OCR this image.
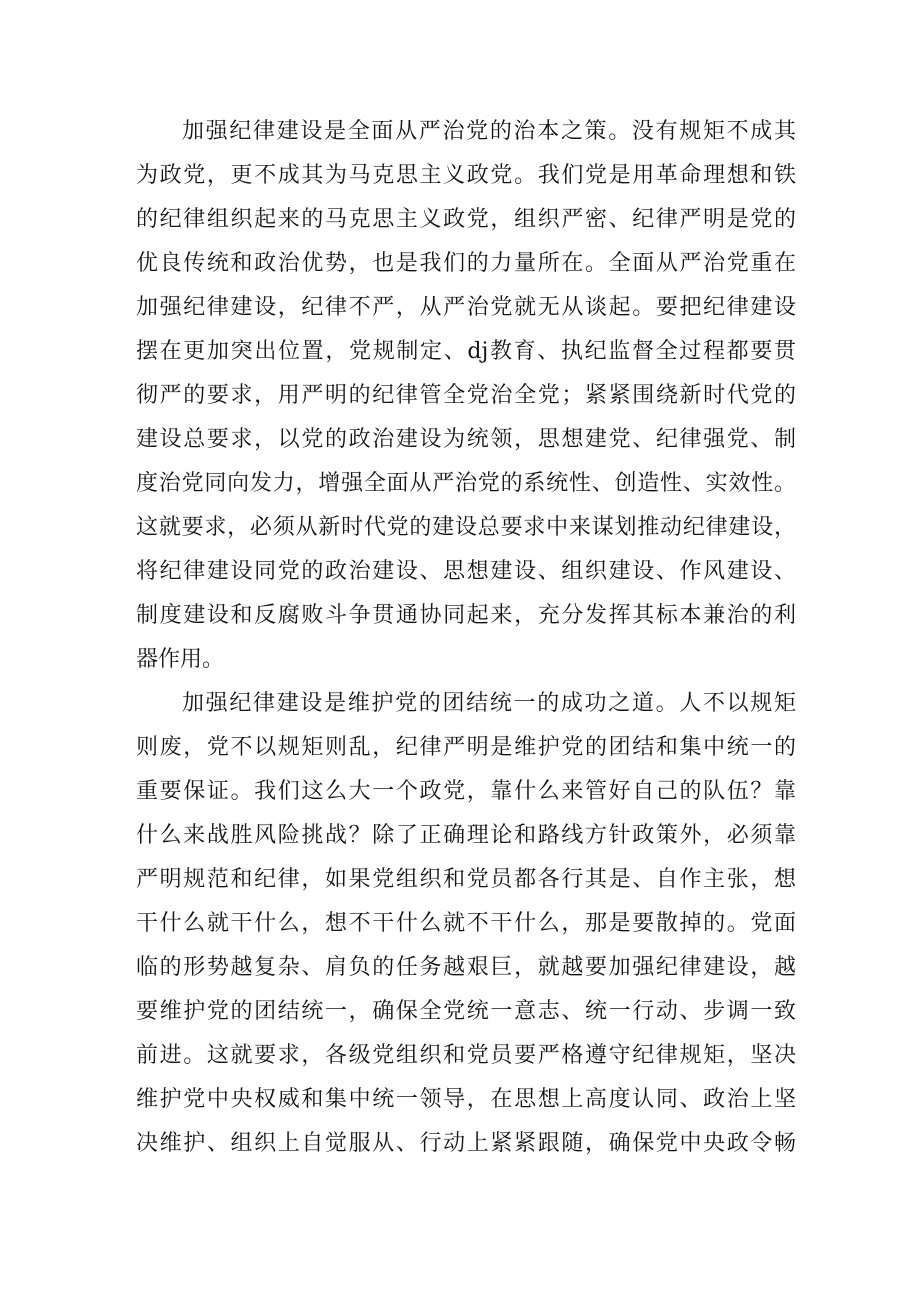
加强纪律建设是全面从严治党的治本之策。没有规矩不成其
为政党，更不成其为马克思主义政党。我们党是用革命理想和铁
的纪律组织起来的马克思主义政党，组织严密、纪律严明是党的
优良传统和政治优势，也是我们的力量所在。全面从严治党重在
加强纪律建设，纪律不严，从严治党就无从谈起。要把纪律建设
摆在更加突出位置，党规制定、dj教育、执纪监督全过程都要贯
彻严的要求，用严明的纪律管全党治全党；紧紧围绕新时代党的
建设总要求，以党的政治建设为统领，思想建党、纪律强党、制
度治党同向发力，增强全面从严治党的系统性、创造性、实效性。
这就要求，必须从新时代党的建设总要求中来谋划推动纪律建设，
将纪律建设同党的政治建设、思想建设、组织建设、作风建设、
制度建设和反腐败斗争贯通协同起来，充分发挥其标本兼治的利
器作用。
加强纪律建设是维护党的团结统一的成功之道。人不以规矩
则废，党不以规矩则乱，纪律严明是维护党的团结和集中统一的
重要保证。我们这么大一个政党，靠什么来管好自己的队伍？靠
什么来战胜风险挑战？除了正确理论和路线方针政策外，必须靠
严明规范和纪律，如果党组织和党员都各行其是、自作主张，想
干什么就干什么，想不干什么就不干什么，那是要散掉的。党面
临的形势越复杂、肩负的任务越艰巨，就越要加强纪律建设，越
要维护党的团结统一，确保全党统一意志、统一行动、步调一致
前进。这就要求，各级党组织和党员要严格遵守纪律规矩，坚决
维护党中央权威和集中统一领导，在思想上高度认同、政治上坚
决维护、组织上自觉服从、行动上紧紧跟随，确保党中央政令畅
